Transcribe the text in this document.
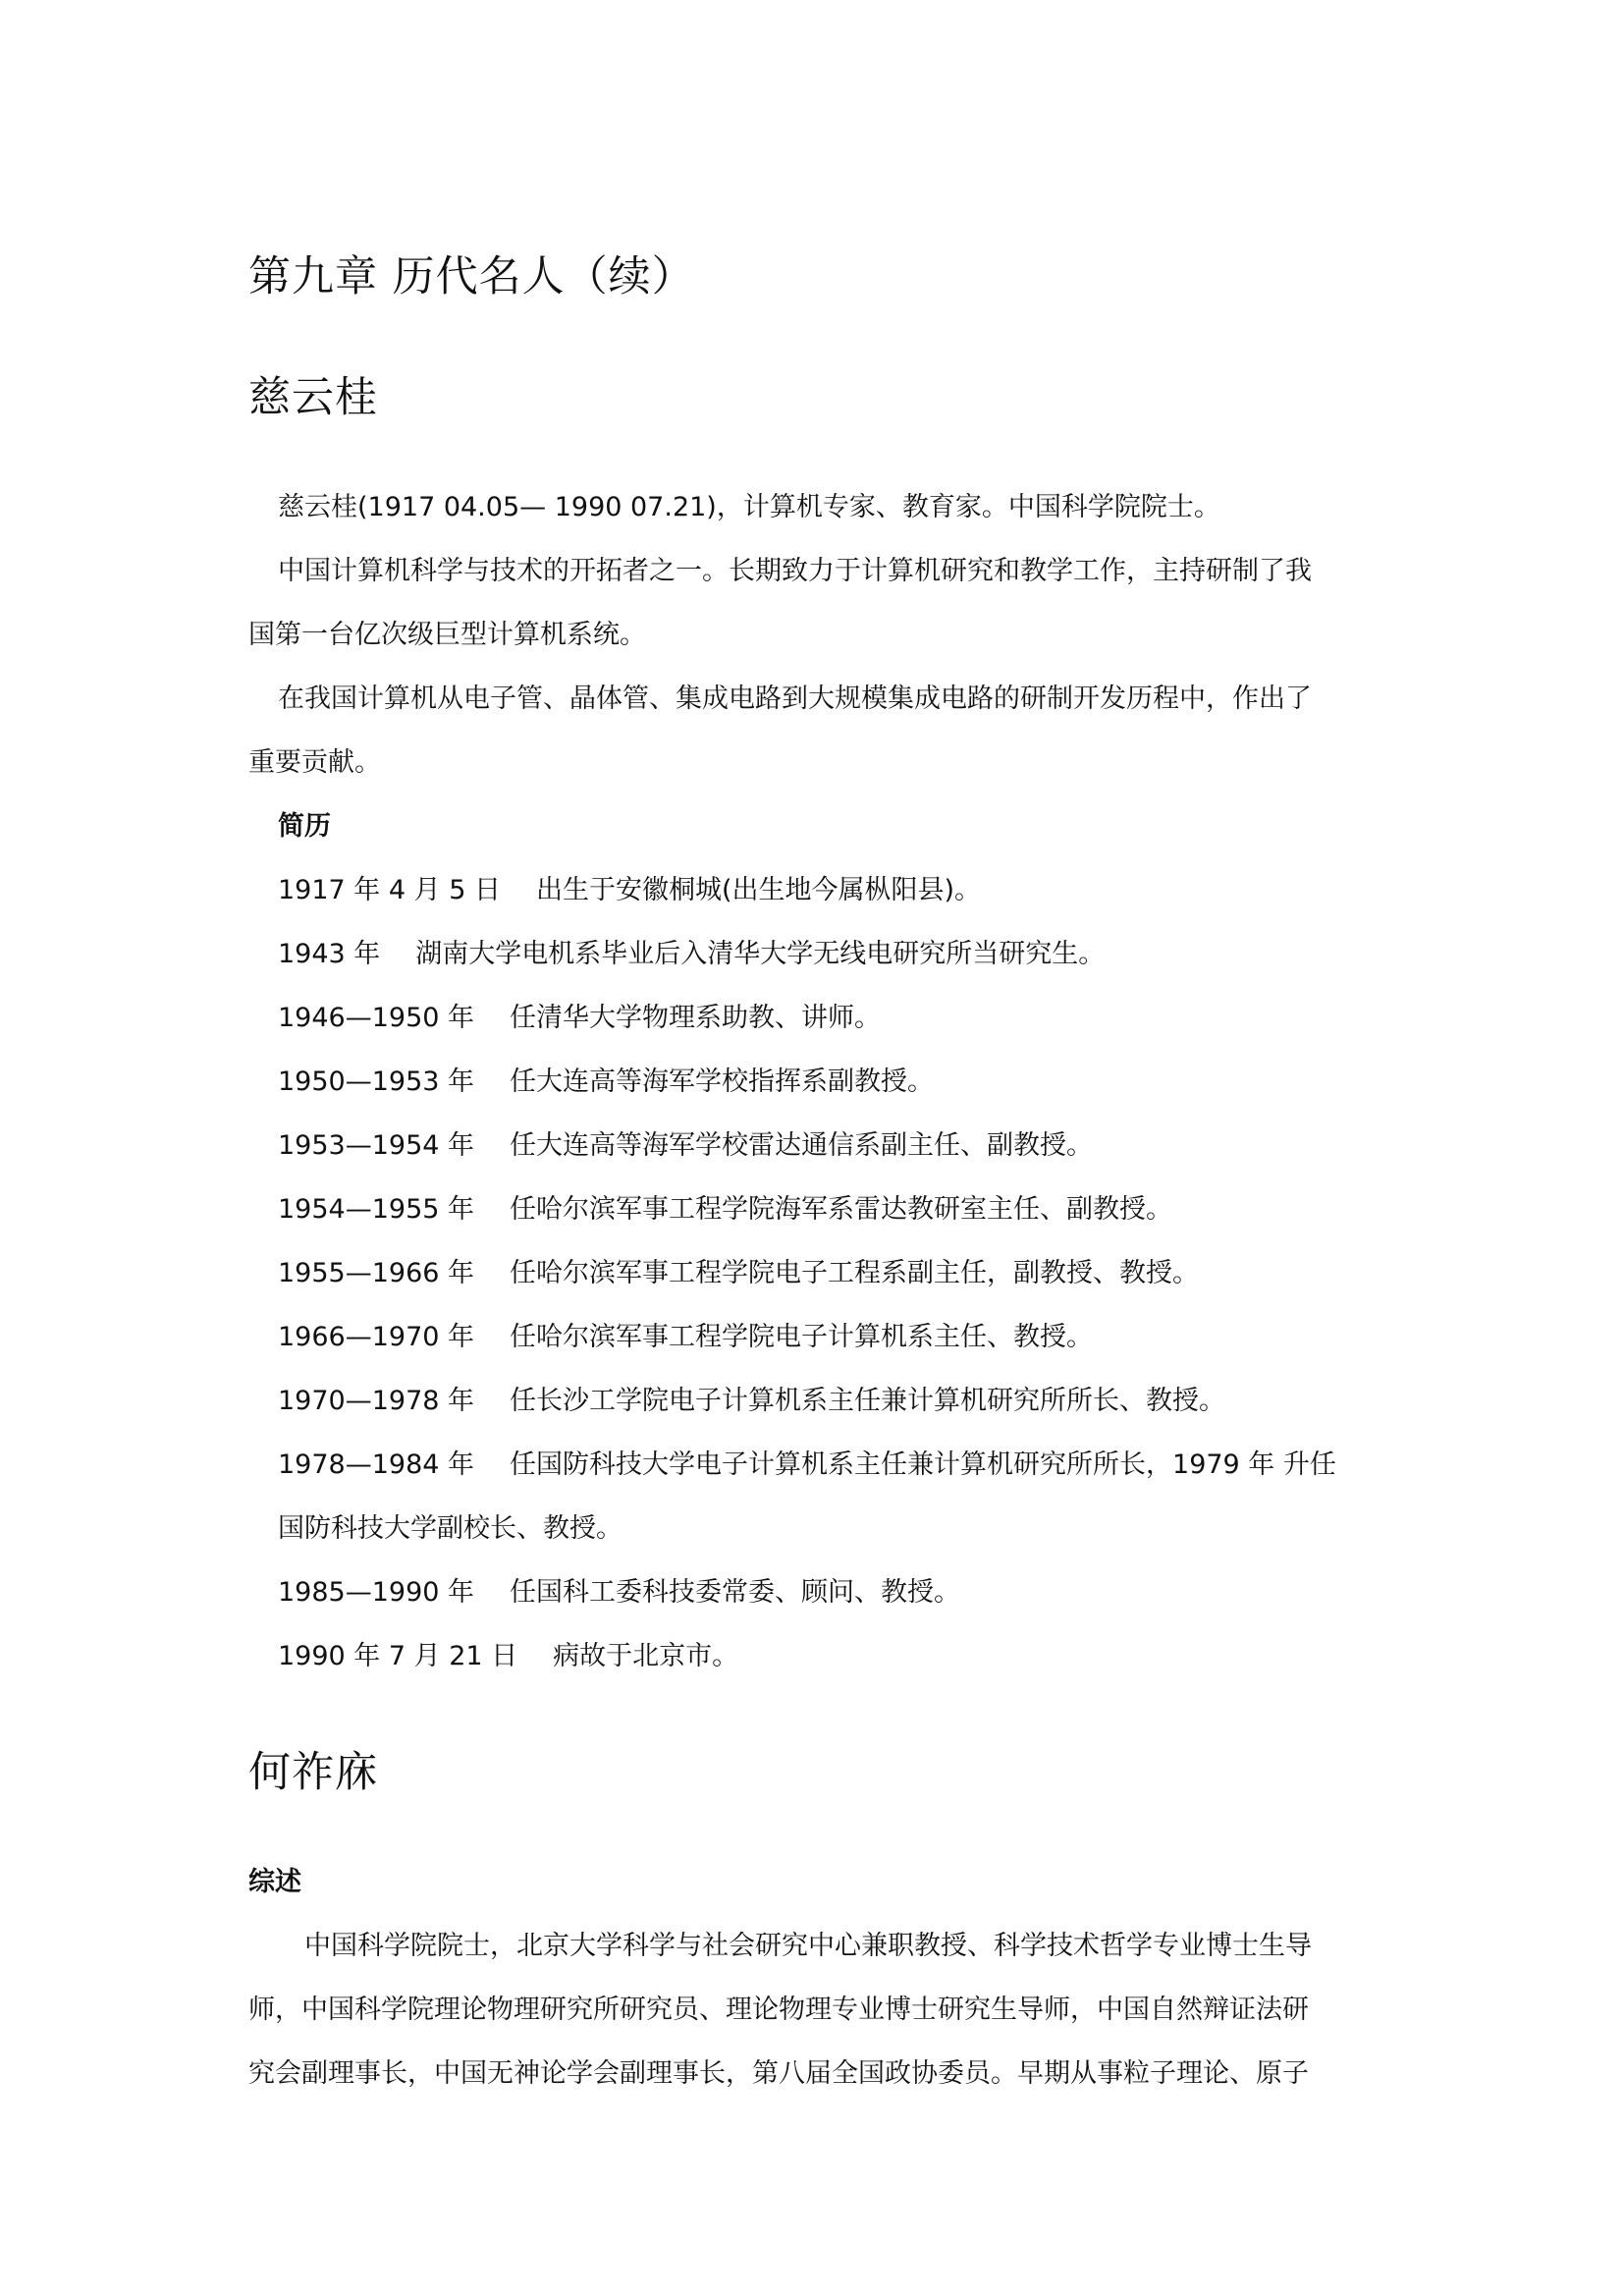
第九章 历代名人（续）
慈云桂
慈云桂(1917 04.05— 1990 07.21)，计算机专家、教育家。中国科学院院士。
中国计算机科学与技术的开拓者之一。长期致力于计算机研究和教学工作，主持研制了我
国第一台亿次级巨型计算机系统。
在我国计算机从电子管、晶体管、集成电路到大规模集成电路的研制开发历程中，作出了
重要贡献。
简历
1917 年 4 月 5 日 出生于安徽桐城(出生地今属枞阳县)。
1943 年 湖南大学电机系毕业后入清华大学无线电研究所当研究生。
1946—1950 年 任清华大学物理系助教、讲师。
1950—1953 年 任大连高等海军学校指挥系副教授。
1953—1954 年 任大连高等海军学校雷达通信系副主任、副教授。
1954—1955 年 任哈尔滨军事工程学院海军系雷达教研室主任、副教授。
1955—1966 年 任哈尔滨军事工程学院电子工程系副主任，副教授、教授。
1966—1970 年 任哈尔滨军事工程学院电子计算机系主任、教授。
1970—1978 年 任长沙工学院电子计算机系主任兼计算机研究所所长、教授。
1978—1984 年 任国防科技大学电子计算机系主任兼计算机研究所所长，1979 年 升任
国防科技大学副校长、教授。
1985—1990 年 任国科工委科技委常委、顾问、教授。
1990 年 7 月 21 日 病故于北京市。
何祚庥
综述
中国科学院院士，北京大学科学与社会研究中心兼职教授、科学技术哲学专业博士生导
师，中国科学院理论物理研究所研究员、理论物理专业博士研究生导师，中国自然辩证法研
究会副理事长，中国无神论学会副理事长，第八届全国政协委员。早期从事粒子理论、原子
